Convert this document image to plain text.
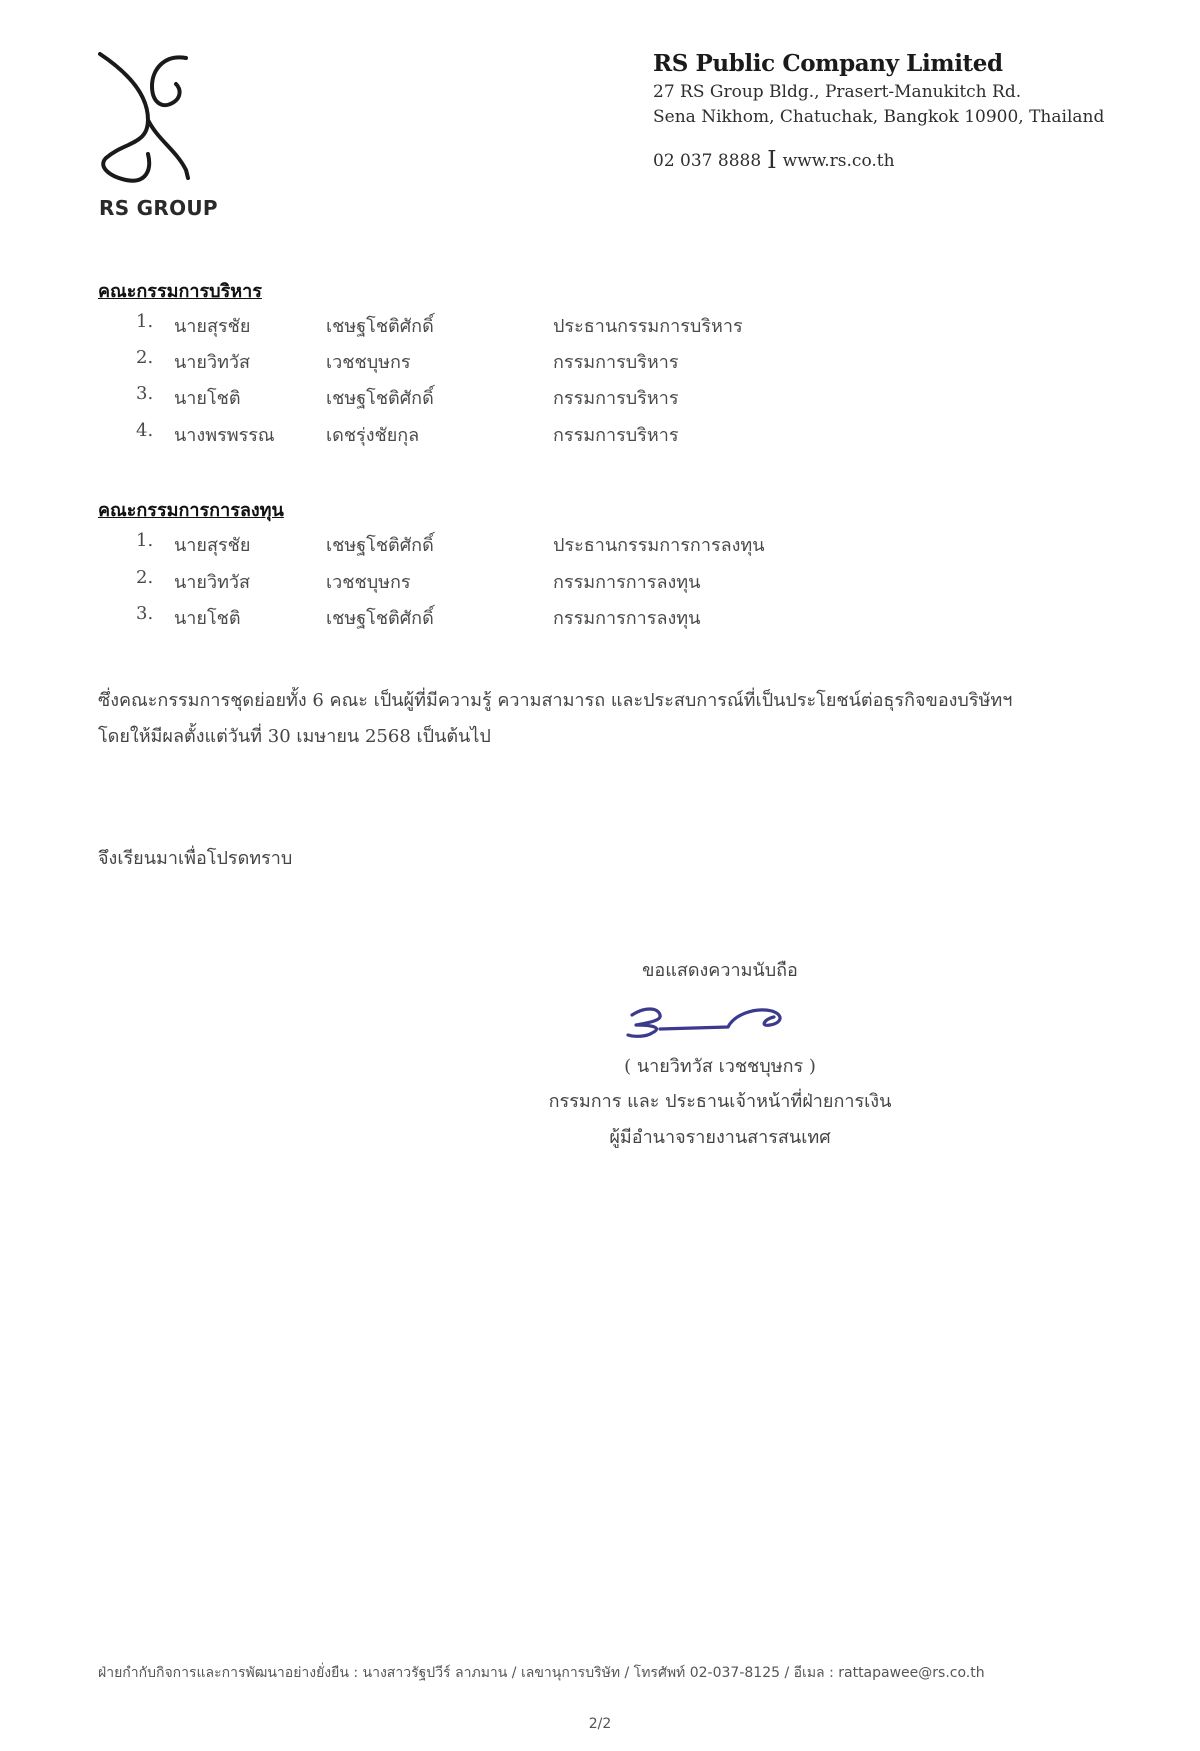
RS GROUP
RS Public Company Limited
27 RS Group Bldg., Prasert-Manukitch Rd.
Sena Nikhom, Chatuchak, Bangkok 10900, Thailand
02 037 8888 I www.rs.co.th
คณะกรรมการบริหาร
1. นายสุรชัย	เชษฐโชติศักดิ์	ประธานกรรมการบริหาร
2. นายวิทวัส	เวชชบุษกร	กรรมการบริหาร
3. นายโชติ	เชษฐโชติศักดิ์	กรรมการบริหาร
4. นางพรพรรณ	เดชรุ่งชัยกุล	กรรมการบริหาร
คณะกรรมการการลงทุน
1. นายสุรชัย	เชษฐโชติศักดิ์	ประธานกรรมการการลงทุน
2. นายวิทวัส	เวชชบุษกร	กรรมการการลงทุน
3. นายโชติ	เชษฐโชติศักดิ์	กรรมการการลงทุน
ซึ่งคณะกรรมการชุดย่อยทั้ง 6 คณะ เป็นผู้ที่มีความรู้ ความสามารถ และประสบการณ์ที่เป็นประโยชน์ต่อธุรกิจของบริษัทฯ
โดยให้มีผลตั้งแต่วันที่ 30 เมษายน 2568 เป็นต้นไป
จึงเรียนมาเพื่อโปรดทราบ
ขอแสดงความนับถือ
( นายวิทวัส เวชชบุษกร )
กรรมการ และ ประธานเจ้าหน้าที่ฝ่ายการเงิน
ผู้มีอำนาจรายงานสารสนเทศ
ฝ่ายกำกับกิจการและการพัฒนาอย่างยั่งยืน : นางสาวรัฐปวีร์ ลาภมาน / เลขานุการบริษัท / โทรศัพท์ 02-037-8125 / อีเมล : rattapawee@rs.co.th
2/2
